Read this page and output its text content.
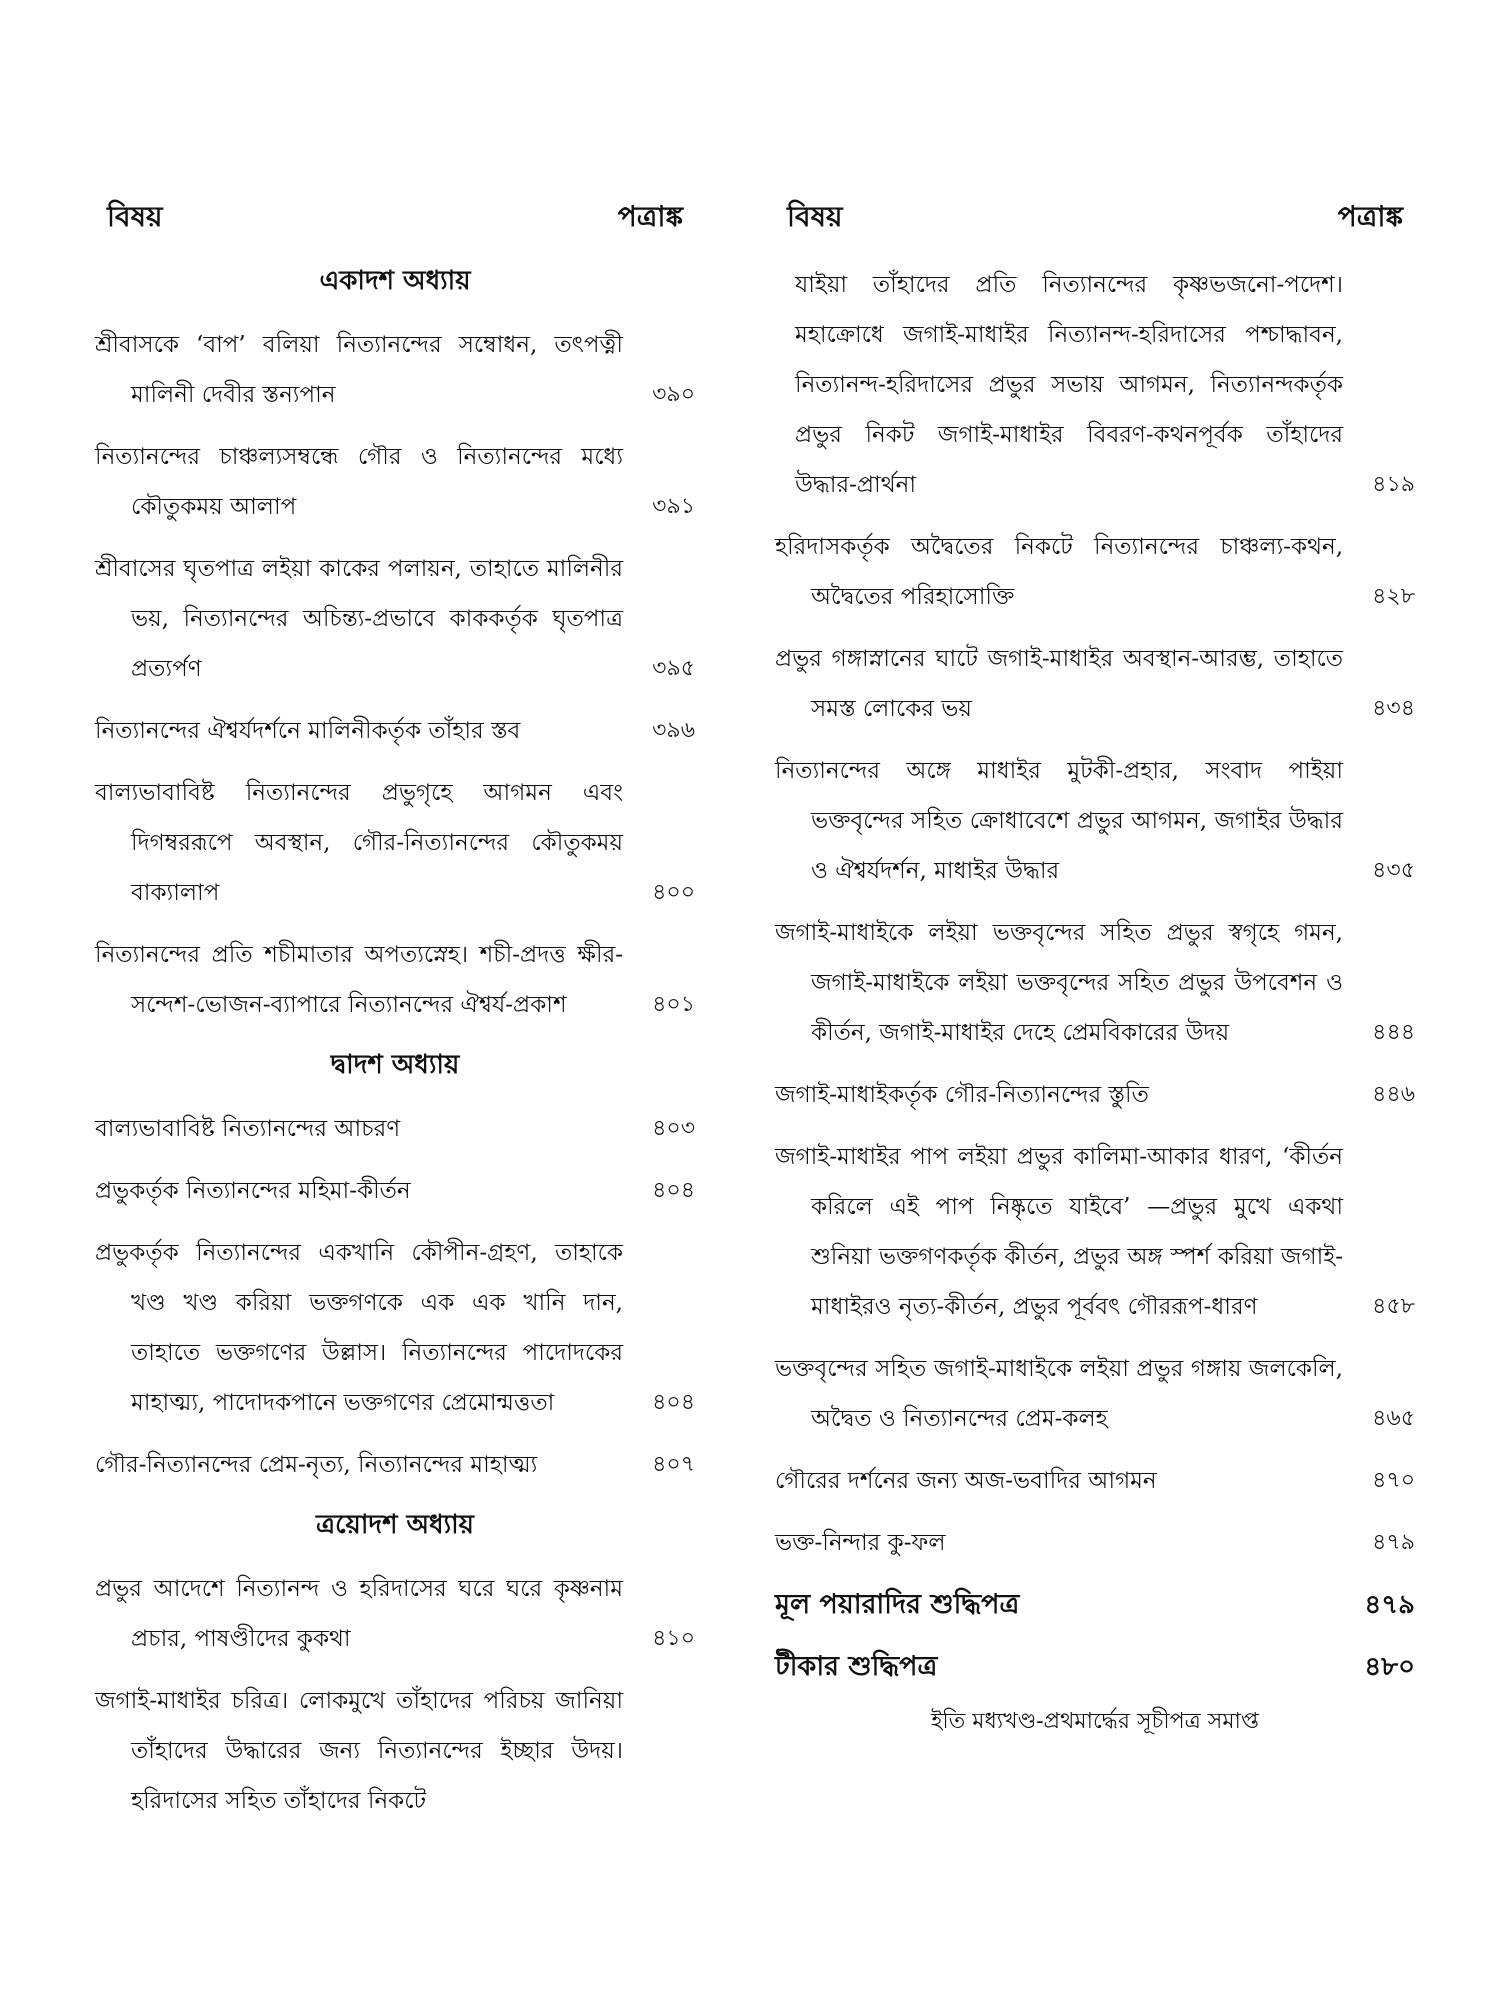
বিষয়	পত্রাঙ্ক
একাদশ অধ্যায়
শ্রীবাসকে ‘বাপ’ বলিয়া নিত্যানন্দের সম্বোধন, তৎপত্নী মালিনী দেবীর স্তন্যপান	৩৯০
নিত্যানন্দের চাঞ্চল্যসম্বন্ধে গৌর ও নিত্যানন্দের মধ্যে কৌতুকময় আলাপ	৩৯১
শ্রীবাসের ঘৃতপাত্র লইয়া কাকের পলায়ন, তাহাতে মালিনীর ভয়, নিত্যানন্দের অচিন্ত্য-প্রভাবে কাককর্তৃক ঘৃতপাত্র প্রত্যর্পণ	৩৯৫
নিত্যানন্দের ঐশ্বর্যদর্শনে মালিনীকর্তৃক তাঁহার স্তব	৩৯৬
বাল্যভাবাবিষ্ট নিত্যানন্দের প্রভুগৃহে আগমন এবং দিগম্বররূপে অবস্থান, গৌর-নিত্যানন্দের কৌতুকময় বাক্যালাপ	৪০০
নিত্যানন্দের প্রতি শচীমাতার অপত্যস্নেহ। শচী-প্রদত্ত ক্ষীর-সন্দেশ-ভোজন-ব্যাপারে নিত্যানন্দের ঐশ্বর্য-প্রকাশ	৪০১
দ্বাদশ অধ্যায়
বাল্যভাবাবিষ্ট নিত্যানন্দের আচরণ	৪০৩
প্রভুকর্তৃক নিত্যানন্দের মহিমা-কীর্তন	৪০৪
প্রভুকর্তৃক নিত্যানন্দের একখানি কৌপীন-গ্রহণ, তাহাকে খণ্ড খণ্ড করিয়া ভক্তগণকে এক এক খানি দান, তাহাতে ভক্তগণের উল্লাস। নিত্যানন্দের পাদোদকের মাহাত্ম্য, পাদোদকপানে ভক্তগণের প্রেমোন্মত্ততা	৪০৪
গৌর-নিত্যানন্দের প্রেম-নৃত্য, নিত্যানন্দের মাহাত্ম্য	৪০৭
ত্রয়োদশ অধ্যায়
প্রভুর আদেশে নিত্যানন্দ ও হরিদাসের ঘরে ঘরে কৃষ্ণনাম প্রচার, পাষণ্ডীদের কুকথা	৪১০
জগাই-মাধাইর চরিত্র। লোকমুখে তাঁহাদের পরিচয় জানিয়া তাঁহাদের উদ্ধারের জন্য নিত্যানন্দের ইচ্ছার উদয়। হরিদাসের সহিত তাঁহাদের নিকটে
বিষয়	পত্রাঙ্ক
যাইয়া তাঁহাদের প্রতি নিত্যানন্দের কৃষ্ণভজনো-পদেশ। মহাক্রোধে জগাই-মাধাইর নিত্যানন্দ-হরিদাসের পশ্চাদ্ধাবন, নিত্যানন্দ-হরিদাসের প্রভুর সভায় আগমন, নিত্যানন্দকর্তৃক প্রভুর নিকট জগাই-মাধাইর বিবরণ-কথনপূর্বক তাঁহাদের উদ্ধার-প্রার্থনা	৪১৯
হরিদাসকর্তৃক অদ্বৈতের নিকটে নিত্যানন্দের চাঞ্চল্য-কথন, অদ্বৈতের পরিহাসোক্তি	৪২৮
প্রভুর গঙ্গাস্নানের ঘাটে জগাই-মাধাইর অবস্থান-আরম্ভ, তাহাতে সমস্ত লোকের ভয়	৪৩৪
নিত্যানন্দের অঙ্গে মাধাইর মুটকী-প্রহার, সংবাদ পাইয়া ভক্তবৃন্দের সহিত ক্রোধাবেশে প্রভুর আগমন, জগাইর উদ্ধার ও ঐশ্বর্যদর্শন, মাধাইর উদ্ধার	৪৩৫
জগাই-মাধাইকে লইয়া ভক্তবৃন্দের সহিত প্রভুর স্বগৃহে গমন, জগাই-মাধাইকে লইয়া ভক্তবৃন্দের সহিত প্রভুর উপবেশন ও কীর্তন, জগাই-মাধাইর দেহে প্রেমবিকারের উদয়	৪৪৪
জগাই-মাধাইকর্তৃক গৌর-নিত্যানন্দের স্তুতি	৪৪৬
জগাই-মাধাইর পাপ লইয়া প্রভুর কালিমা-আকার ধারণ, ‘কীর্তন করিলে এই পাপ নিষ্কৃতে যাইবে’ —প্রভুর মুখে একথা শুনিয়া ভক্তগণকর্তৃক কীর্তন, প্রভুর অঙ্গ স্পর্শ করিয়া জগাই-মাধাইরও নৃত্য-কীর্তন, প্রভুর পূর্ববৎ গৌররূপ-ধারণ	৪৫৮
ভক্তবৃন্দের সহিত জগাই-মাধাইকে লইয়া প্রভুর গঙ্গায় জলকেলি, অদ্বৈত ও নিত্যানন্দের প্রেম-কলহ	৪৬৫
গৌরের দর্শনের জন্য অজ-ভবাদির আগমন	৪৭০
ভক্ত-নিন্দার কু-ফল	৪৭৯
মূল পয়ারাদির শুদ্ধিপত্র	৪৭৯
টীকার শুদ্ধিপত্র	৪৮০
ইতি মধ্যখণ্ড-প্রথমার্দ্ধের সূচীপত্র সমাপ্ত
